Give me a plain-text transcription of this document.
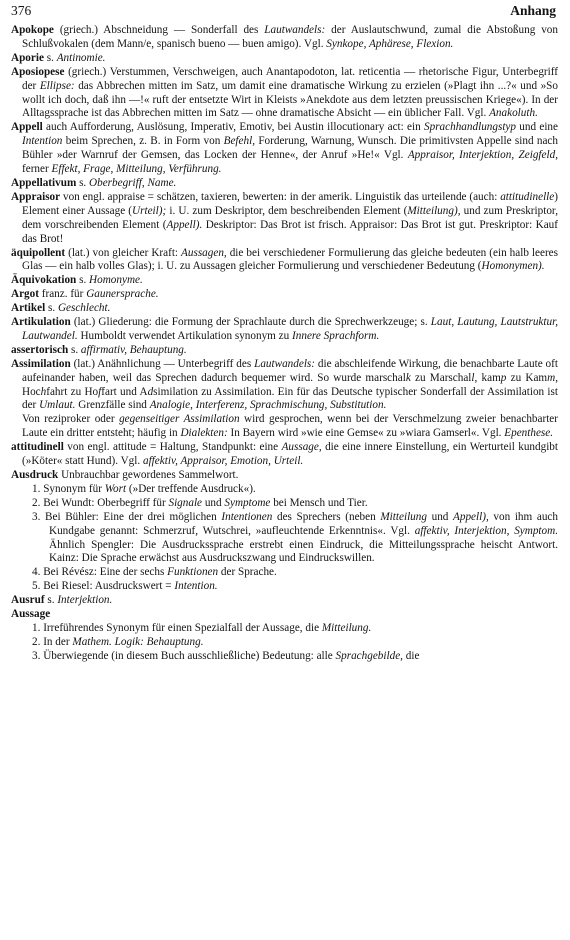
376	Anhang

Apokope (griech.) Abschneidung — Sonderfall des Lautwandels: der Auslautschwund, zumal die Abstoßung von Schlußvokalen (dem Mann/e, spanisch bueno — buen amigo). Vgl. Synkope, Aphärese, Flexion.

Aporie s. Antinomie.

Aposiopese (griech.) Verstummen, Verschweigen, auch Anantapodoton, lat. reticentia — rhetorische Figur, Unterbegriff der Ellipse: das Abbrechen mitten im Satz, um damit eine dramatische Wirkung zu erzielen (»Plagt ihn ...?« und »So wollt ich doch, daß ihn —!« ruft der entsetzte Wirt in Kleists »Anekdote aus dem letzten preussischen Kriege«). In der Alltagssprache ist das Abbrechen mitten im Satz — ohne dramatische Absicht — ein üblicher Fall. Vgl. Anakoluth.

Appell auch Aufforderung, Auslösung, Imperativ, Emotiv, bei Austin illocutionary act: ein Sprachhandlungstyp und eine Intention beim Sprechen, z. B. in Form von Befehl, Forderung, Warnung, Wunsch. Die primitivsten Appelle sind nach Bühler »der Warnruf der Gemsen, das Locken der Henne«, der Anruf »He!« Vgl. Appraisor, Interjektion, Zeigfeld, ferner Effekt, Frage, Mitteilung, Verführung.

Appellativum s. Oberbegriff, Name.

Appraisor von engl. appraise = schätzen, taxieren, bewerten: in der amerik. Linguistik das urteilende (auch: attitudinelle) Element einer Aussage (Urteil); i. U. zum Deskriptor, dem beschreibenden Element (Mitteilung), und zum Preskriptor, dem vorschreibenden Element (Appell). Deskriptor: Das Brot ist frisch. Appraisor: Das Brot ist gut. Preskriptor: Kauf das Brot!

äquipollent (lat.) von gleicher Kraft: Aussagen, die bei verschiedener Formulierung das gleiche bedeuten (ein halb leeres Glas — ein halb volles Glas); i. U. zu Aussagen gleicher Formulierung und verschiedener Bedeutung (Homonymen).

Äquivokation s. Homonyme.

Argot franz. für Gaunersprache.

Artikel s. Geschlecht.

Artikulation (lat.) Gliederung: die Formung der Sprachlaute durch die Sprechwerkzeuge; s. Laut, Lautung, Lautstruktur, Lautwandel. Humboldt verwendet Artikulation synonym zu Innere Sprachform.

assertorisch s. affirmativ, Behauptung.

Assimilation (lat.) Anähnlichung — Unterbegriff des Lautwandels: die abschleifende Wirkung, die benachbarte Laute oft aufeinander haben, weil das Sprechen dadurch bequemer wird. So wurde marschalk zu Marschall, kamp zu Kamm, Hochfahrt zu Hoffart und Adsimilation zu Assimilation. Ein für das Deutsche typischer Sonderfall der Assimilation ist der Umlaut. Grenzfälle sind Analogie, Interferenz, Sprachmischung, Substitution.
Von reziproker oder gegenseitiger Assimilation wird gesprochen, wenn bei der Verschmelzung zweier benachbarter Laute ein dritter entsteht; häufig in Dialekten: In Bayern wird »wie eine Gemse« zu »wiara Gamserl«. Vgl. Epenthese.

attitudinell von engl. attitude = Haltung, Standpunkt: eine Aussage, die eine innere Einstellung, ein Werturteil kundgibt (»Köter« statt Hund). Vgl. affektiv, Appraisor, Emotion, Urteil.

Ausdruck Unbrauchbar gewordenes Sammelwort.

1. Synonym für Wort (»Der treffende Ausdruck«).

2. Bei Wundt: Oberbegriff für Signale und Symptome bei Mensch und Tier.

3. Bei Bühler: Eine der drei möglichen Intentionen des Sprechers (neben Mitteilung und Appell), von ihm auch Kundgabe genannt: Schmerzruf, Wutschrei, »aufleuchtende Erkenntnis«. Vgl. affektiv, Interjektion, Symptom. Ähnlich Spengler: Die Ausdruckssprache erstrebt einen Eindruck, die Mitteilungssprache heischt Antwort. Kainz: Die Sprache erwächst aus Ausdruckszwang und Eindruckswillen.

4. Bei Révész: Eine der sechs Funktionen der Sprache.

5. Bei Riesel: Ausdruckswert = Intention.

Ausruf s. Interjektion.

Aussage

1. Irreführendes Synonym für einen Spezialfall der Aussage, die Mitteilung.

2. In der Mathem. Logik: Behauptung.

3. Überwiegende (in diesem Buch ausschließliche) Bedeutung: alle Sprachgebilde, die
